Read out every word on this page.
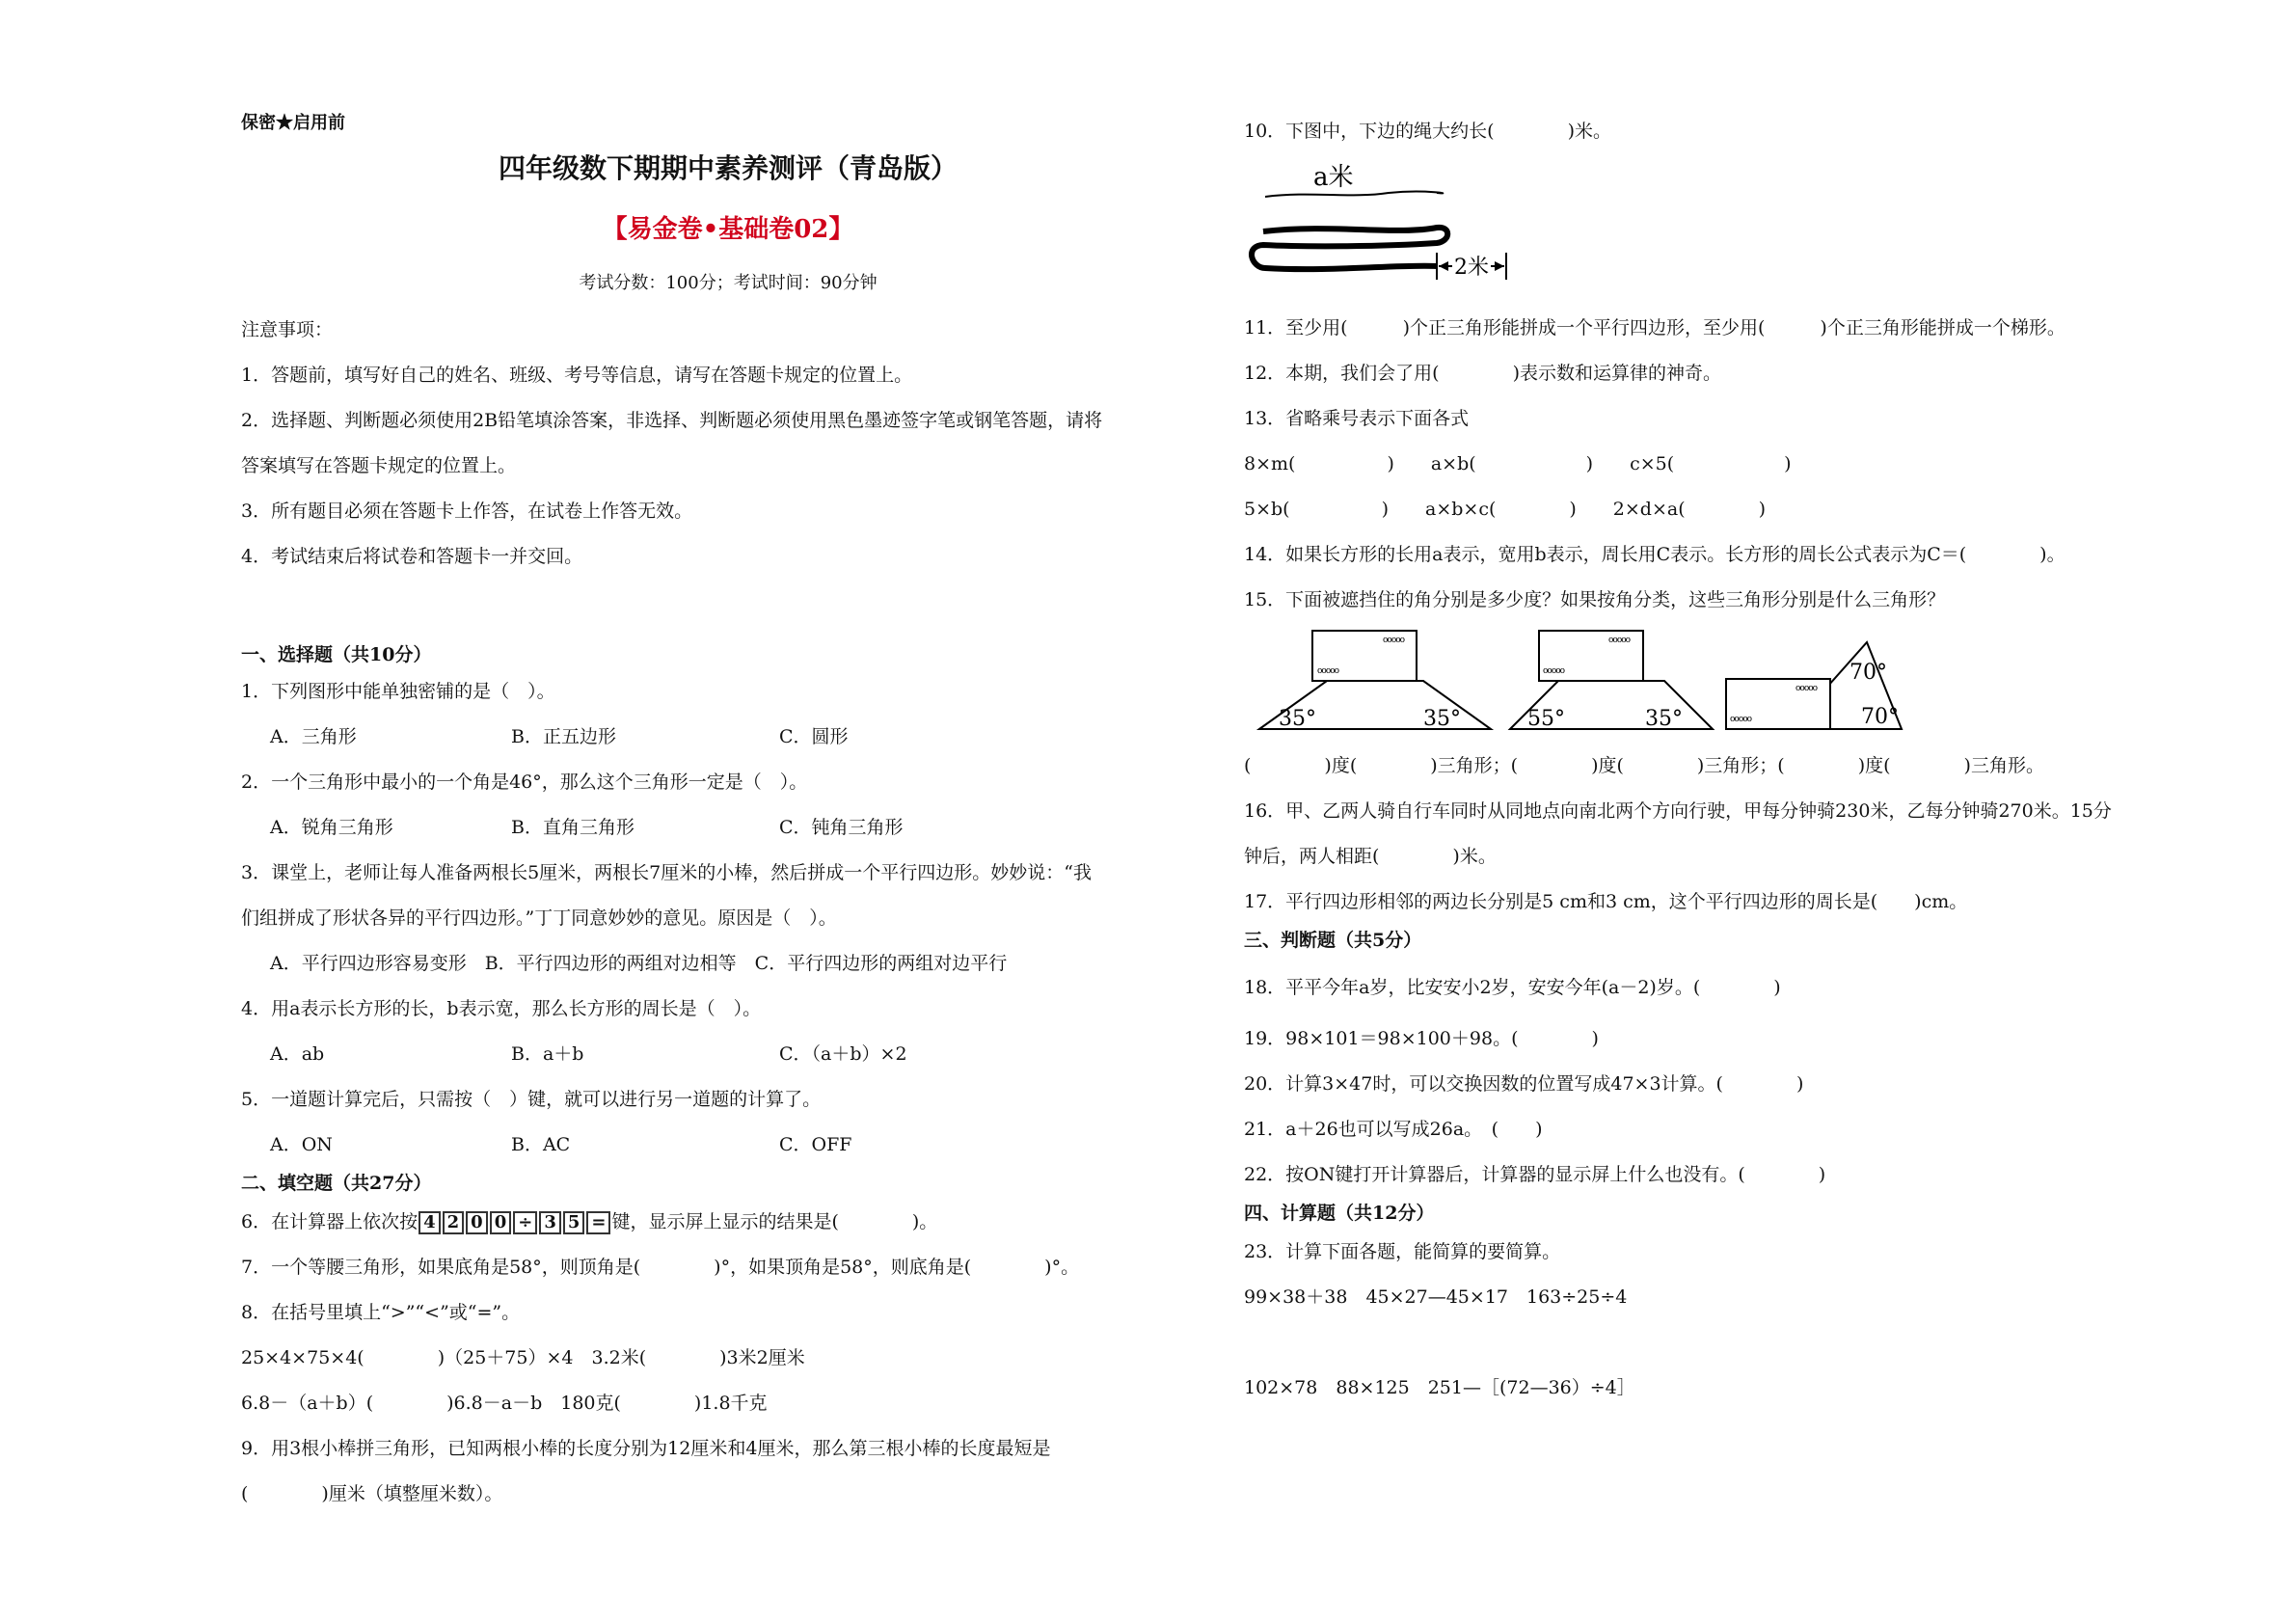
保密★启用前
四年级数下期期中素养测评（青岛版）
【易金卷•基础卷02】
考试分数：100分；考试时间：90分钟
注意事项：
1．答题前，填写好自己的姓名、班级、考号等信息，请写在答题卡规定的位置上。
2．选择题、判断题必须使用2B铅笔填涂答案，非选择、判断题必须使用黑色墨迹签字笔或钢笔答题，请将
答案填写在答题卡规定的位置上。
3．所有题目必须在答题卡上作答，在试卷上作答无效。
4．考试结束后将试卷和答题卡一并交回。
一、选择题（共10分）
1．下列图形中能单独密铺的是（　）。
A．三角形	B．正五边形	C．圆形
2．一个三角形中最小的一个角是46°，那么这个三角形一定是（　）。
A．锐角三角形	B．直角三角形	C．钝角三角形
3．课堂上，老师让每人准备两根长5厘米，两根长7厘米的小棒，然后拼成一个平行四边形。妙妙说：“我
们组拼成了形状各异的平行四边形。”丁丁同意妙妙的意见。原因是（　）。
A．平行四边形容易变形　B．平行四边形的两组对边相等　C．平行四边形的两组对边平行
4．用a表示长方形的长，b表示宽，那么长方形的周长是（　）。
A．ab	B．a＋b	C．（a＋b）×2
5．一道题计算完后，只需按（　）键，就可以进行另一道题的计算了。
A．ON	B．AC	C．OFF
二、填空题（共27分）
6．在计算器上依次按 4 2 0 0 ÷ 3 5 = 键，显示屏上显示的结果是(　　　　)。
7．一个等腰三角形，如果底角是58°，则顶角是(　　　　)°，如果顶角是58°，则底角是(　　　　)°。
8．在括号里填上“>”“<”或“=”。
25×4×75×4(　　　　)（25＋75）×4　3.2米(　　　　)3米2厘米
6.8－（a＋b）(　　　　)6.8－a－b　180克(　　　　)1.8千克
9．用3根小棒拼三角形，已知两根小棒的长度分别为12厘米和4厘米，那么第三根小棒的长度最短是
(　　　　)厘米（填整厘米数）。
10．下图中，下边的绳大约长(　　　　)米。
a米
2米
11．至少用(　　　)个正三角形能拼成一个平行四边形，至少用(　　　)个正三角形能拼成一个梯形。
12．本期，我们会了用(　　　　)表示数和运算律的神奇。
13．省略乘号表示下面各式
8×m(　　　　　)　　a×b(　　　　　　)　　c×5(　　　　　　)
5×b(　　　　　)　　a×b×c(　　　　)　　2×d×a(　　　　)
14．如果长方形的长用a表示，宽用b表示，周长用C表示。长方形的周长公式表示为C＝(　　　　)。
15．下面被遮挡住的角分别是多少度？如果按角分类，这些三角形分别是什么三角形？
ooooo
ooooo
35°	35°
ooooo
ooooo
55°	35°
ooooo
ooooo
70°
70°
(　　　　)度(　　　　)三角形；(　　　　)度(　　　　)三角形；(　　　　)度(　　　　)三角形。
16．甲、乙两人骑自行车同时从同地点向南北两个方向行驶，甲每分钟骑230米，乙每分钟骑270米。15分
钟后，两人相距(　　　　)米。
17．平行四边形相邻的两边长分别是5 cm和3 cm，这个平行四边形的周长是(　　)cm。
三、判断题（共5分）
18．平平今年a岁，比安安小2岁，安安今年(a－2)岁。(　　　　)
19．98×101＝98×100＋98。(　　　　)
20．计算3×47时，可以交换因数的位置写成47×3计算。(　　　　)
21．a＋26也可以写成26a。　(　　)
22．按ON键打开计算器后，计算器的显示屏上什么也没有。(　　　　)
四、计算题（共12分）
23．计算下面各题，能简算的要简算。
99×38＋38　45×27—45×17　163÷25÷4
102×78　88×125　251—［(72—36）÷4］
